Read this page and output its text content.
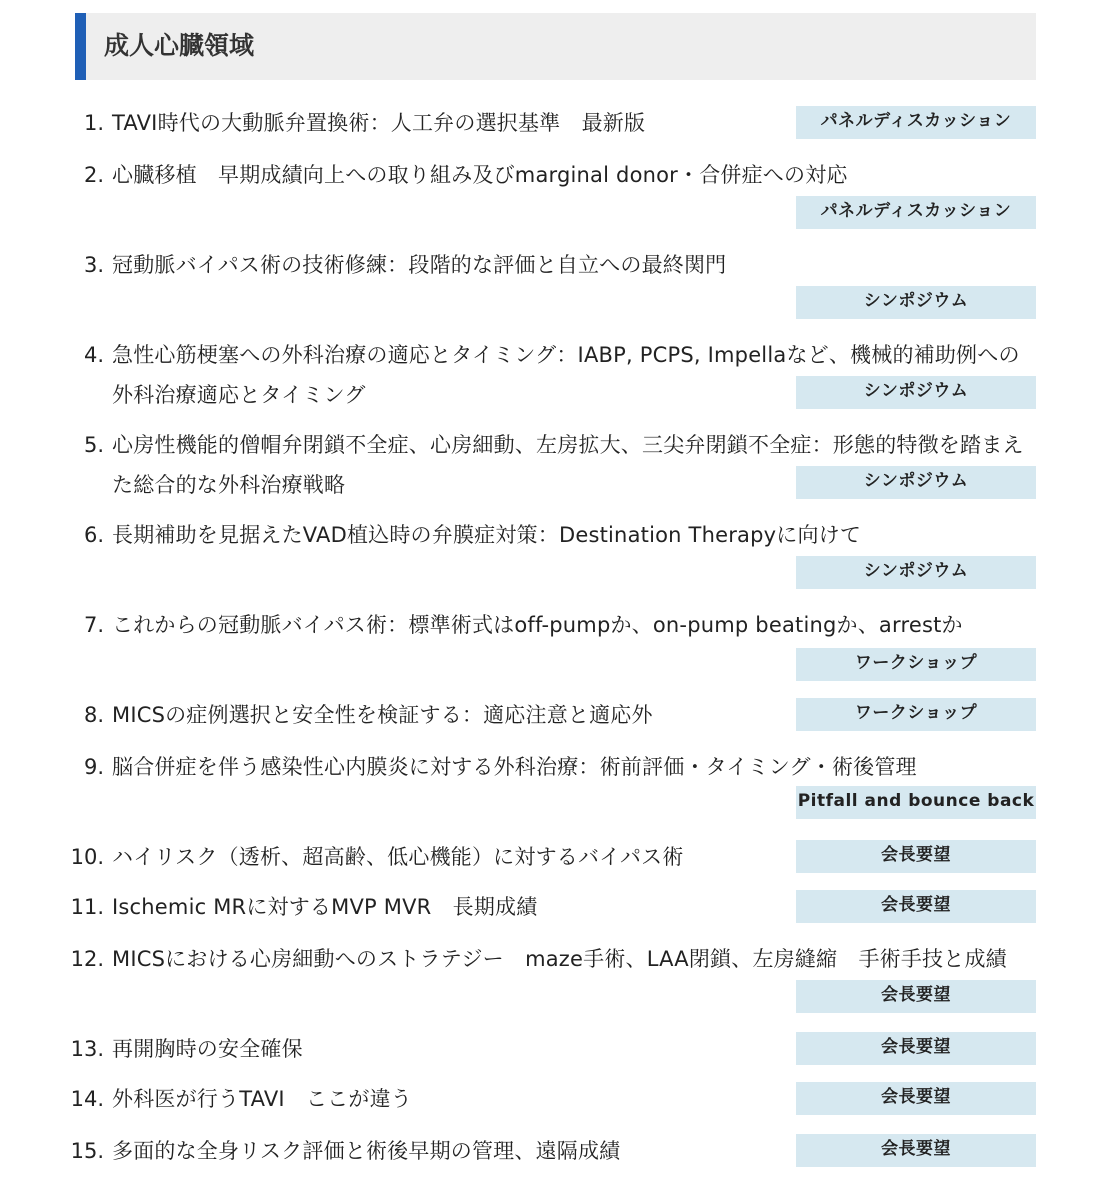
成人心臓領域
1. TAVI時代の大動脈弁置換術：人工弁の選択基準　最新版	パネルディスカッション
2. 心臓移植　早期成績向上への取り組み及びmarginal donor・合併症への対応
パネルディスカッション
3. 冠動脈バイパス術の技術修練：段階的な評価と自立への最終関門
シンポジウム
4. 急性心筋梗塞への外科治療の適応とタイミング：IABP, PCPS, Impellaなど、機械的補助例への外科治療適応とタイミング	シンポジウム
5. 心房性機能的僧帽弁閉鎖不全症、心房細動、左房拡大、三尖弁閉鎖不全症：形態的特徴を踏まえた総合的な外科治療戦略	シンポジウム
6. 長期補助を見据えたVAD植込時の弁膜症対策：Destination Therapyに向けて
シンポジウム
7. これからの冠動脈バイパス術：標準術式はoff-pumpか、on-pump beatingか、arrestか
ワークショップ
8. MICSの症例選択と安全性を検証する：適応注意と適応外	ワークショップ
9. 脳合併症を伴う感染性心内膜炎に対する外科治療：術前評価・タイミング・術後管理
Pitfall and bounce back
10. ハイリスク（透析、超高齢、低心機能）に対するバイパス術	会長要望
11. Ischemic MRに対するMVP MVR　長期成績	会長要望
12. MICSにおける心房細動へのストラテジー　maze手術、LAA閉鎖、左房縫縮　手術手技と成績
会長要望
13. 再開胸時の安全確保	会長要望
14. 外科医が行うTAVI　ここが違う	会長要望
15. 多面的な全身リスク評価と術後早期の管理、遠隔成績	会長要望
